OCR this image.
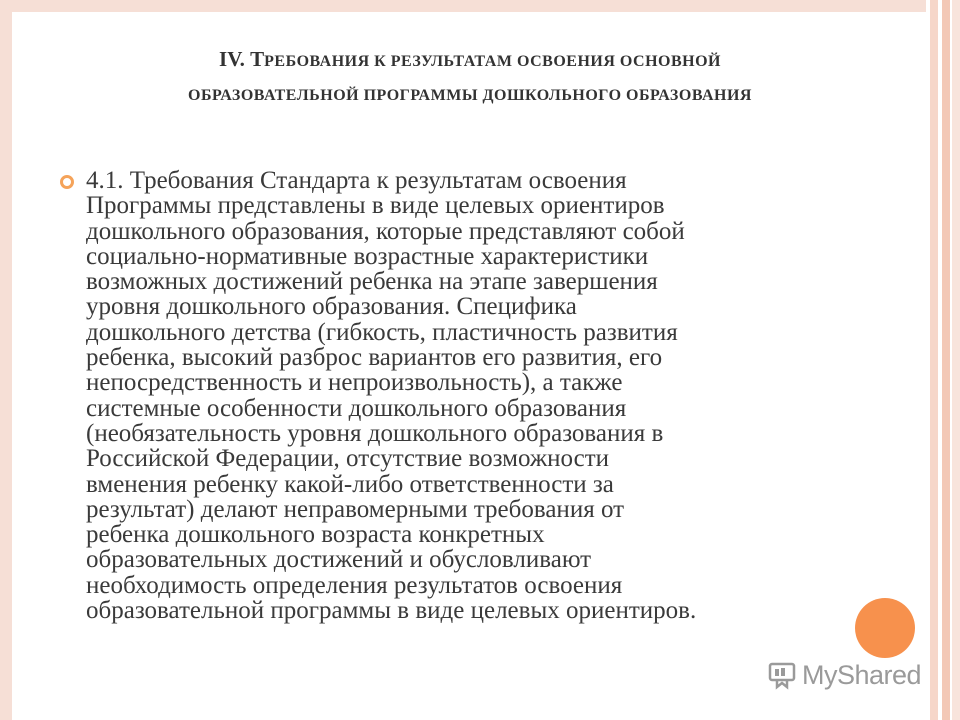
IV. ТРЕБОВАНИЯ К РЕЗУЛЬТАТАМ ОСВОЕНИЯ ОСНОВНОЙ
ОБРАЗОВАТЕЛЬНОЙ ПРОГРАММЫ ДОШКОЛЬНОГО ОБРАЗОВАНИЯ
4.1. Требования Стандарта к результатам освоения
Программы представлены в виде целевых ориентиров
дошкольного образования, которые представляют собой
социально-нормативные возрастные характеристики
возможных достижений ребенка на этапе завершения
уровня дошкольного образования. Специфика
дошкольного детства (гибкость, пластичность развития
ребенка, высокий разброс вариантов его развития, его
непосредственность и непроизвольность), а также
системные особенности дошкольного образования
(необязательность уровня дошкольного образования в
Российской Федерации, отсутствие возможности
вменения ребенку какой-либо ответственности за
результат) делают неправомерными требования от
ребенка дошкольного возраста конкретных
образовательных достижений и обусловливают
необходимость определения результатов освоения
образовательной программы в виде целевых ориентиров.
MyShared
